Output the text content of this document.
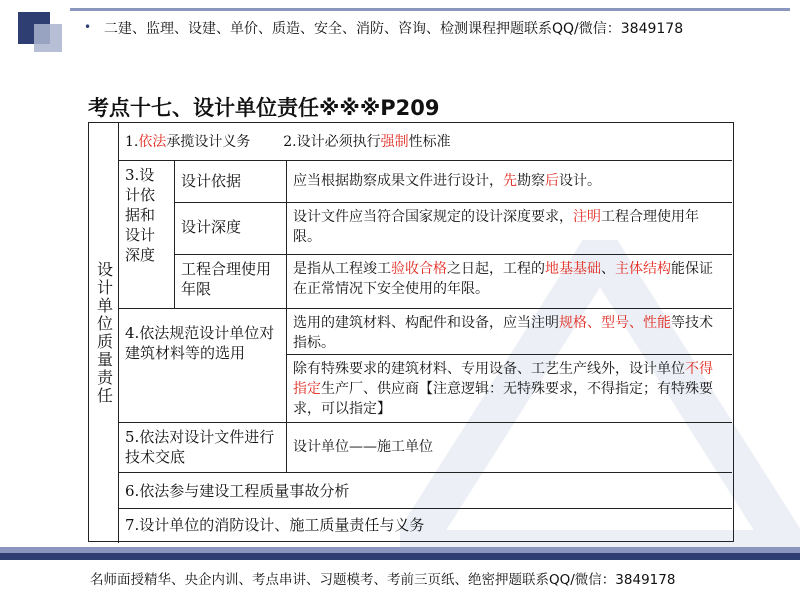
• 二建、监理、设建、单价、质造、安全、消防、咨询、检测课程押题联系QQ/微信：3849178
考点十七、设计单位责任※※※P209
设计单位质量责任
1.依法承揽设计义务 2.设计必须执行强制性标准
3.设计依据和设计深度
设计依据	应当根据勘察成果文件进行设计，先勘察后设计。
设计深度
设计文件应当符合国家规定的设计深度要求，注明工程合理使用年限。
工程合理使用年限
是指从工程竣工验收合格之日起，工程的地基基础、主体结构能保证在正常情况下安全使用的年限。
4.依法规范设计单位对建筑材料等的选用
选用的建筑材料、构配件和设备，应当注明规格、型号、性能等技术指标。
除有特殊要求的建筑材料、专用设备、工艺生产线外，设计单位不得指定生产厂、供应商【注意逻辑：无特殊要求，不得指定；有特殊要求，可以指定】
5.依法对设计文件进行技术交底
设计单位——施工单位
6.依法参与建设工程质量事故分析
7.设计单位的消防设计、施工质量责任与义务
名师面授精华、央企内训、考点串讲、习题模考、考前三页纸、绝密押题联系QQ/微信：3849178
